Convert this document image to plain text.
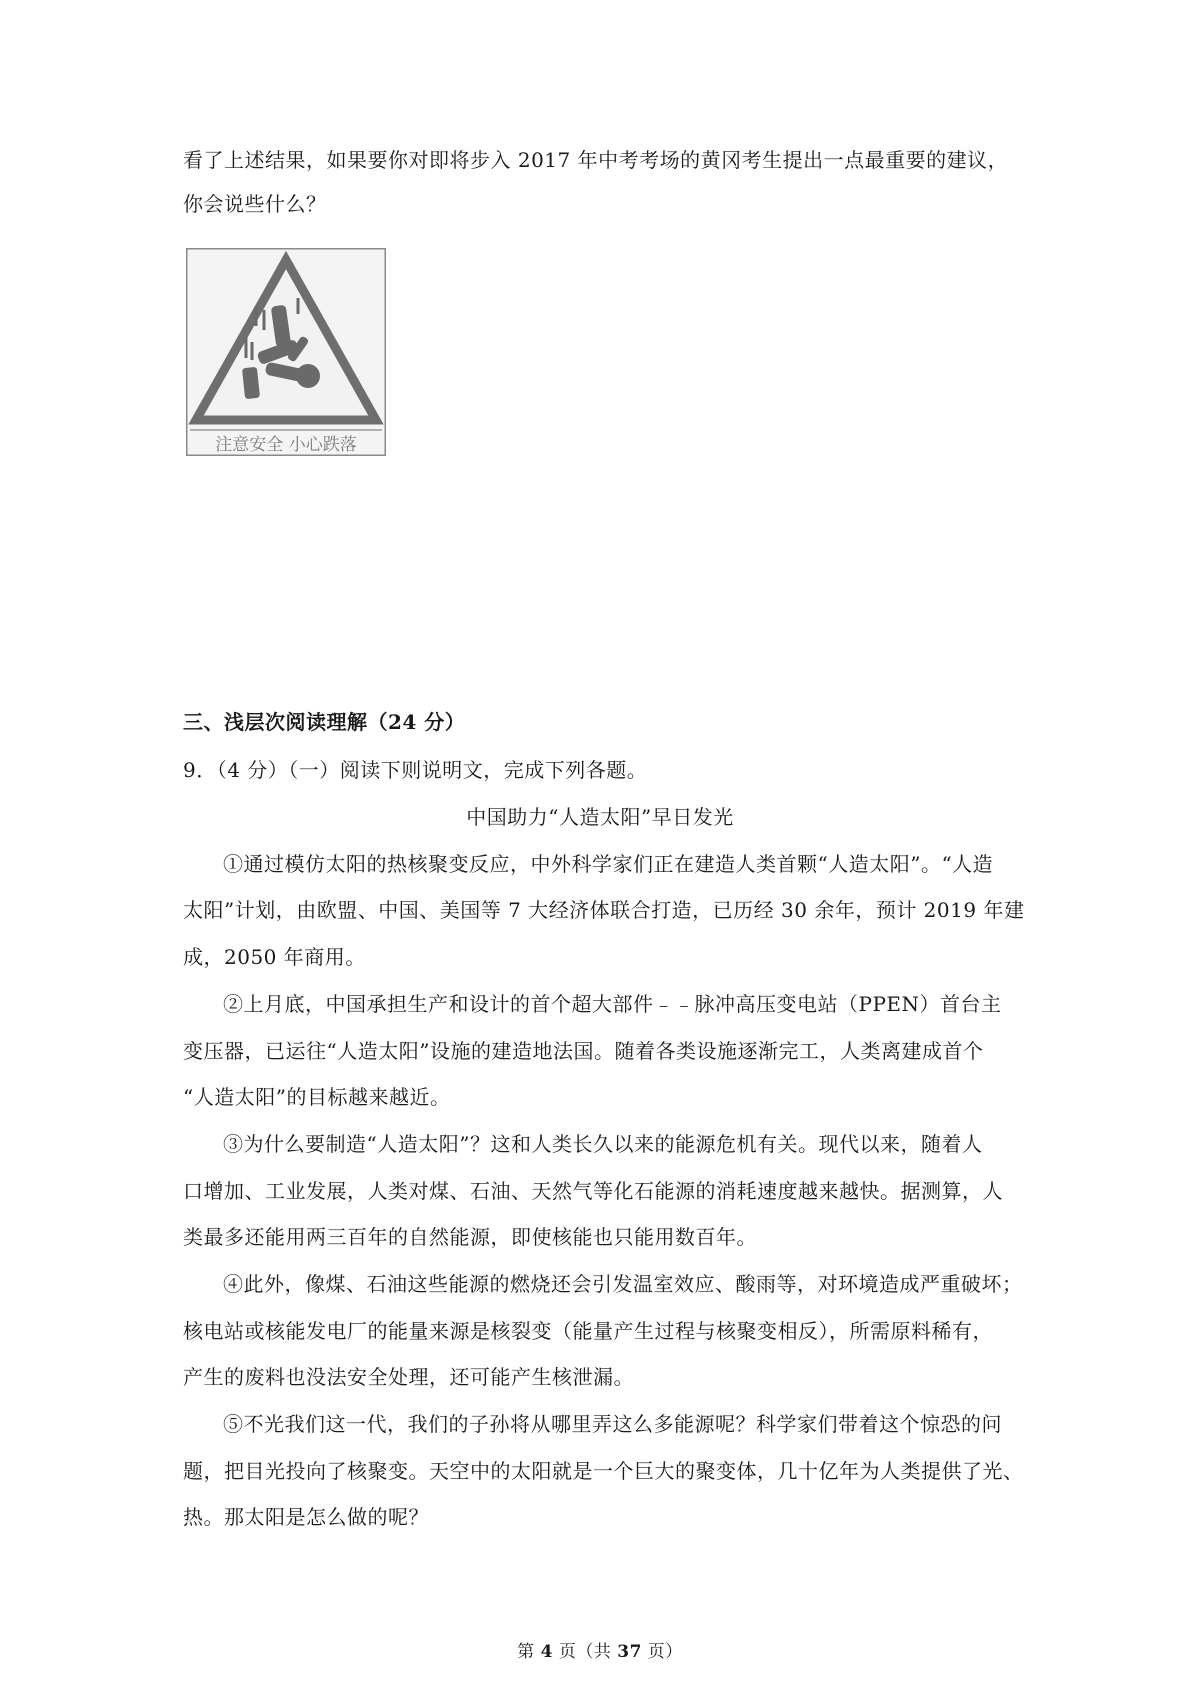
看了上述结果，如果要你对即将步入 2017 年中考考场的黄冈考生提出一点最重要的建议，
你会说些什么？
注意安全 小心跌落
三、浅层次阅读理解（24 分）
9．（4 分）（一）阅读下则说明文，完成下列各题。
中国助力“人造太阳”早日发光
①通过模仿太阳的热核聚变反应，中外科学家们正在建造人类首颗“人造太阳”。“人造
太阳”计划，由欧盟、中国、美国等 7 大经济体联合打造，已历经 30 余年，预计 2019 年建
成，2050 年商用。
②上月底，中国承担生产和设计的首个超大部件﹣﹣脉冲高压变电站（PPEN）首台主
变压器，已运往“人造太阳”设施的建造地法国。随着各类设施逐渐完工，人类离建成首个
“人造太阳”的目标越来越近。
③为什么要制造“人造太阳”？这和人类长久以来的能源危机有关。现代以来，随着人
口增加、工业发展，人类对煤、石油、天然气等化石能源的消耗速度越来越快。据测算，人
类最多还能用两三百年的自然能源，即使核能也只能用数百年。
④此外，像煤、石油这些能源的燃烧还会引发温室效应、酸雨等，对环境造成严重破坏；
核电站或核能发电厂的能量来源是核裂变（能量产生过程与核聚变相反），所需原料稀有，
产生的废料也没法安全处理，还可能产生核泄漏。
⑤不光我们这一代，我们的子孙将从哪里弄这么多能源呢？科学家们带着这个惊恐的问
题，把目光投向了核聚变。天空中的太阳就是一个巨大的聚变体，几十亿年为人类提供了光、
热。那太阳是怎么做的呢？
第 4 页（共 37 页）
